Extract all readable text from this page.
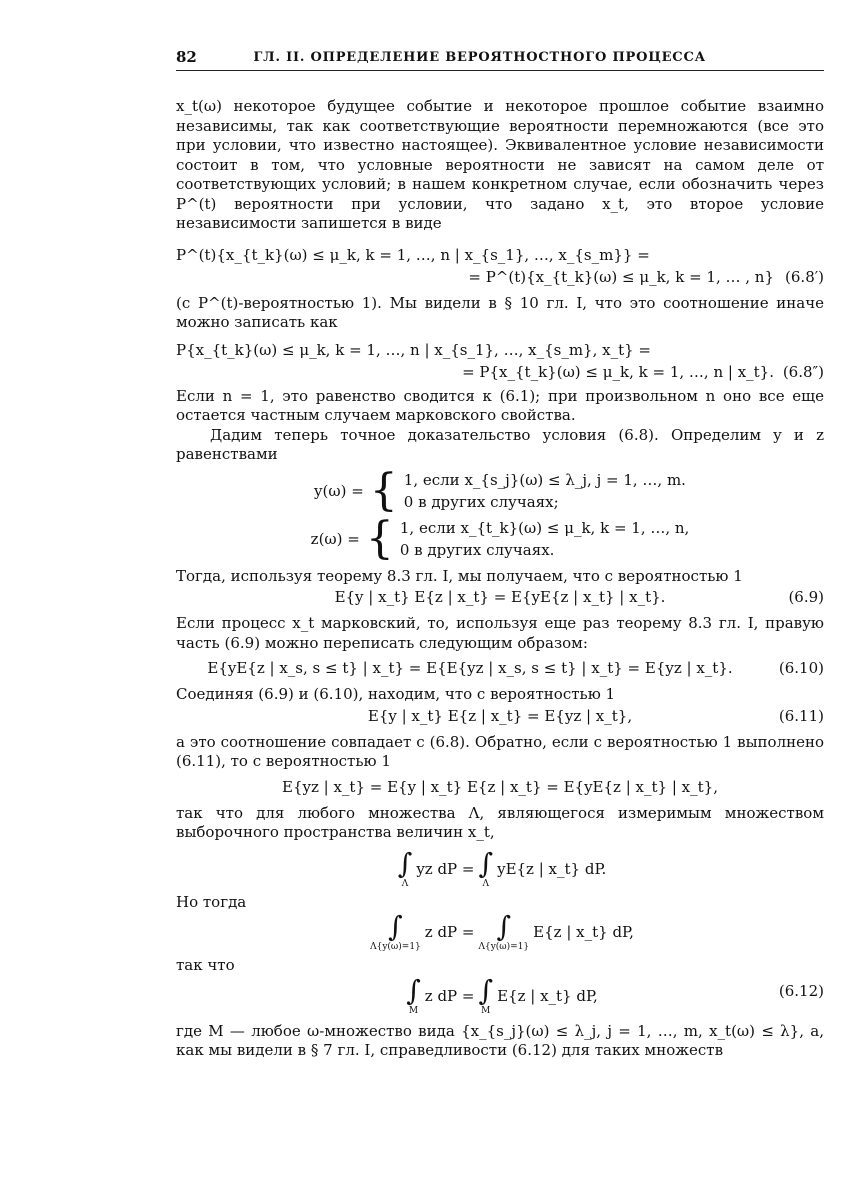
82	ГЛ. II. ОПРЕДЕЛЕНИЕ ВЕРОЯТНОСТНОГО ПРОЦЕССА

x_t(ω) некоторое будущее событие и некоторое прошлое событие взаимно независимы, так как соответствующие вероятности перемножаются (все это при условии, что известно настоящее). Эквивалентное условие независимости состоит в том, что условные вероятности не зависят на самом деле от соответствующих условий; в нашем конкретном случае, если обозначить через P^(t) вероятности при условии, что задано x_t, это второе условие независимости запишется в виде

P^(t){x_{t_k}(ω) ≤ μ_k, k = 1, …, n | x_{s_1}, …, x_{s_m}} =
= P^(t){x_{t_k}(ω) ≤ μ_k, k = 1, … , n} (6.8′)

(с P^(t)-вероятностью 1). Мы видели в § 10 гл. I, что это соотношение иначе можно записать как

P{x_{t_k}(ω) ≤ μ_k, k = 1, …, n | x_{s_1}, …, x_{s_m}, x_t} =
= P{x_{t_k}(ω) ≤ μ_k, k = 1, …, n | x_t}. (6.8″)

Если n = 1, это равенство сводится к (6.1); при произвольном n оно все еще остается частным случаем марковского свойства.

Дадим теперь точное доказательство условия (6.8). Определим y и z равенствами

y(ω) = { 1, если x_{s_j}(ω) ≤ λ_j, j = 1, …, m.
0 в других случаях;
z(ω) = { 1, если x_{t_k}(ω) ≤ μ_k, k = 1, …, n,
0 в других случаях.

Тогда, используя теорему 8.3 гл. I, мы получаем, что с вероятностью 1

E{y | x_t} E{z | x_t} = E{yE{z | x_t} | x_t}.	(6.9)

Если процесс x_t марковский, то, используя еще раз теорему 8.3 гл. I, правую часть (6.9) можно переписать следующим образом:

E{yE{z | x_s, s ≤ t} | x_t} = E{E{yz | x_s, s ≤ t} | x_t} = E{yz | x_t}.	(6.10)

Соединяя (6.9) и (6.10), находим, что с вероятностью 1

E{y | x_t} E{z | x_t} = E{yz | x_t},	(6.11)

а это соотношение совпадает с (6.8). Обратно, если с вероятностью 1 выполнено (6.11), то с вероятностью 1

E{yz | x_t} = E{y | x_t} E{z | x_t} = E{yE{z | x_t} | x_t},

так что для любого множества Λ, являющегося измеримым множеством выборочного пространства величин x_t,

∫
Λ
yz dP = ∫
Λ
yE{z | x_t} dP.

Но тогда

∫
Λ{y(ω)=1}
z dP = ∫
Λ{y(ω)=1}
E{z | x_t} dP,

так что

∫
M
z dP = ∫
M
E{z | x_t} dP,	(6.12)

где M — любое ω-множество вида {x_{s_j}(ω) ≤ λ_j, j = 1, …, m, x_t(ω) ≤ λ}, а, как мы видели в § 7 гл. I, справедливости (6.12) для таких множеств
